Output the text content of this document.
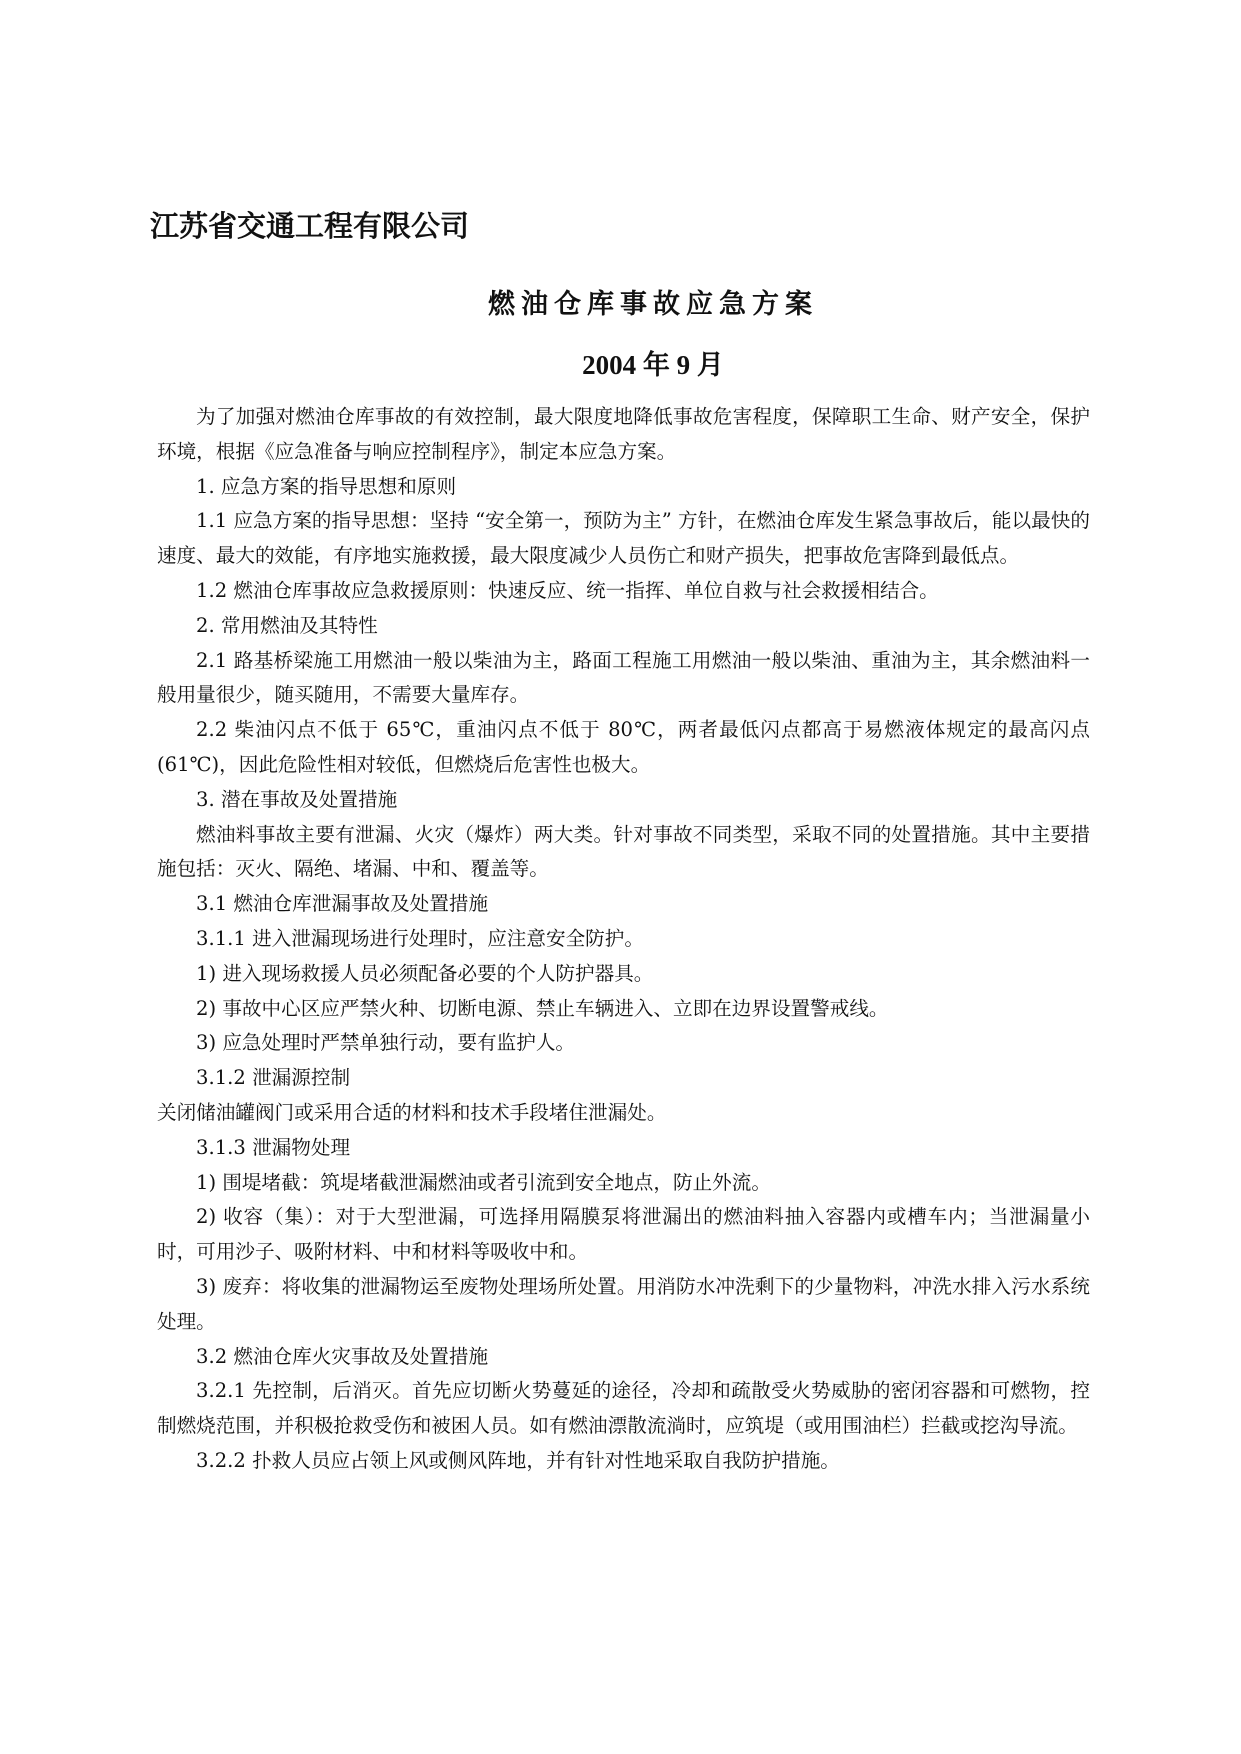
江苏省交通工程有限公司
燃油仓库事故应急方案
2004 年 9 月

为了加强对燃油仓库事故的有效控制，最大限度地降低事故危害程度，保障职工生命、财产安全，保护环境，根据《应急准备与响应控制程序》，制定本应急方案。

1. 应急方案的指导思想和原则

1.1 应急方案的指导思想：坚持 “安全第一，预防为主” 方针，在燃油仓库发生紧急事故后，能以最快的速度、最大的效能，有序地实施救援，最大限度减少人员伤亡和财产损失，把事故危害降到最低点。

1.2 燃油仓库事故应急救援原则：快速反应、统一指挥、单位自救与社会救援相结合。

2. 常用燃油及其特性

2.1 路基桥梁施工用燃油一般以柴油为主，路面工程施工用燃油一般以柴油、重油为主，其余燃油料一般用量很少，随买随用，不需要大量库存。

2.2 柴油闪点不低于 65℃，重油闪点不低于 80℃，两者最低闪点都高于易燃液体规定的最高闪点(61℃)，因此危险性相对较低，但燃烧后危害性也极大。

3. 潜在事故及处置措施

燃油料事故主要有泄漏、火灾（爆炸）两大类。针对事故不同类型，采取不同的处置措施。其中主要措施包括：灭火、隔绝、堵漏、中和、覆盖等。

3.1 燃油仓库泄漏事故及处置措施

3.1.1 进入泄漏现场进行处理时，应注意安全防护。

1) 进入现场救援人员必须配备必要的个人防护器具。

2) 事故中心区应严禁火种、切断电源、禁止车辆进入、立即在边界设置警戒线。

3) 应急处理时严禁单独行动，要有监护人。

3.1.2 泄漏源控制

关闭储油罐阀门或采用合适的材料和技术手段堵住泄漏处。

3.1.3 泄漏物处理

1) 围堤堵截：筑堤堵截泄漏燃油或者引流到安全地点，防止外流。

2) 收容（集）：对于大型泄漏，可选择用隔膜泵将泄漏出的燃油料抽入容器内或槽车内；当泄漏量小时，可用沙子、吸附材料、中和材料等吸收中和。

3) 废弃：将收集的泄漏物运至废物处理场所处置。用消防水冲洗剩下的少量物料，冲洗水排入污水系统处理。

3.2 燃油仓库火灾事故及处置措施

3.2.1 先控制，后消灭。首先应切断火势蔓延的途径，冷却和疏散受火势威胁的密闭容器和可燃物，控制燃烧范围，并积极抢救受伤和被困人员。如有燃油漂散流淌时，应筑堤（或用围油栏）拦截或挖沟导流。

3.2.2 扑救人员应占领上风或侧风阵地，并有针对性地采取自我防护措施。
